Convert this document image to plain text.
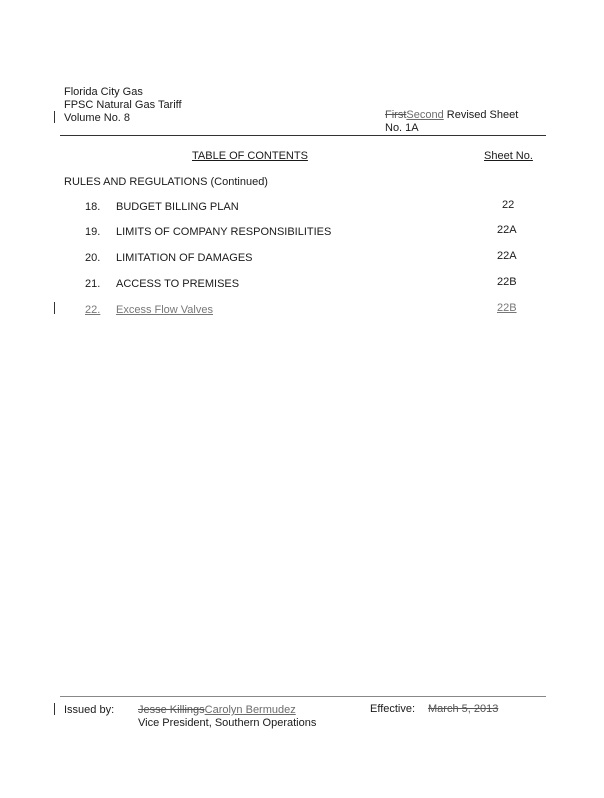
Florida City Gas
FPSC Natural Gas Tariff
Volume No. 8	FirstSecond Revised Sheet
No. 1A
TABLE OF CONTENTS	Sheet No.
RULES AND REGULATIONS (Continued)
18. BUDGET BILLING PLAN	22
19. LIMITS OF COMPANY RESPONSIBILITIES	22A
20. LIMITATION OF DAMAGES	22A
21. ACCESS TO PREMISES	22B
22. Excess Flow Valves	22B
Issued by: Jesse KillingsCarolyn Bermudez
Vice President, Southern Operations
Effective: March 5, 2013
